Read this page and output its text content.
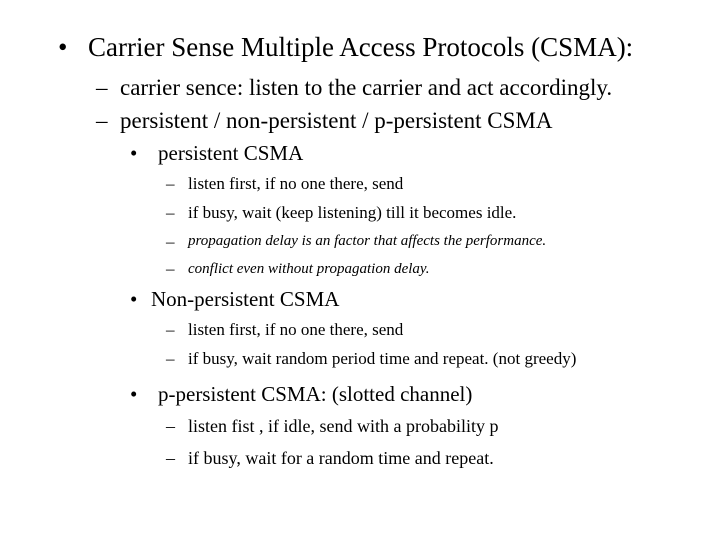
• Carrier Sense Multiple Access Protocols (CSMA):
– carrier sence: listen to the carrier and act accordingly.
– persistent / non-persistent / p-persistent CSMA
• persistent CSMA
– listen first, if no one there, send
– if busy, wait (keep listening) till it becomes idle.
– propagation delay is an factor that affects the performance.
– conflict even without propagation delay.
• Non-persistent CSMA
– listen first, if no one there, send
– if busy, wait random period time and repeat. (not greedy)
• p-persistent CSMA: (slotted channel)
– listen fist , if idle, send with a probability p
– if busy, wait for a random time and repeat.
